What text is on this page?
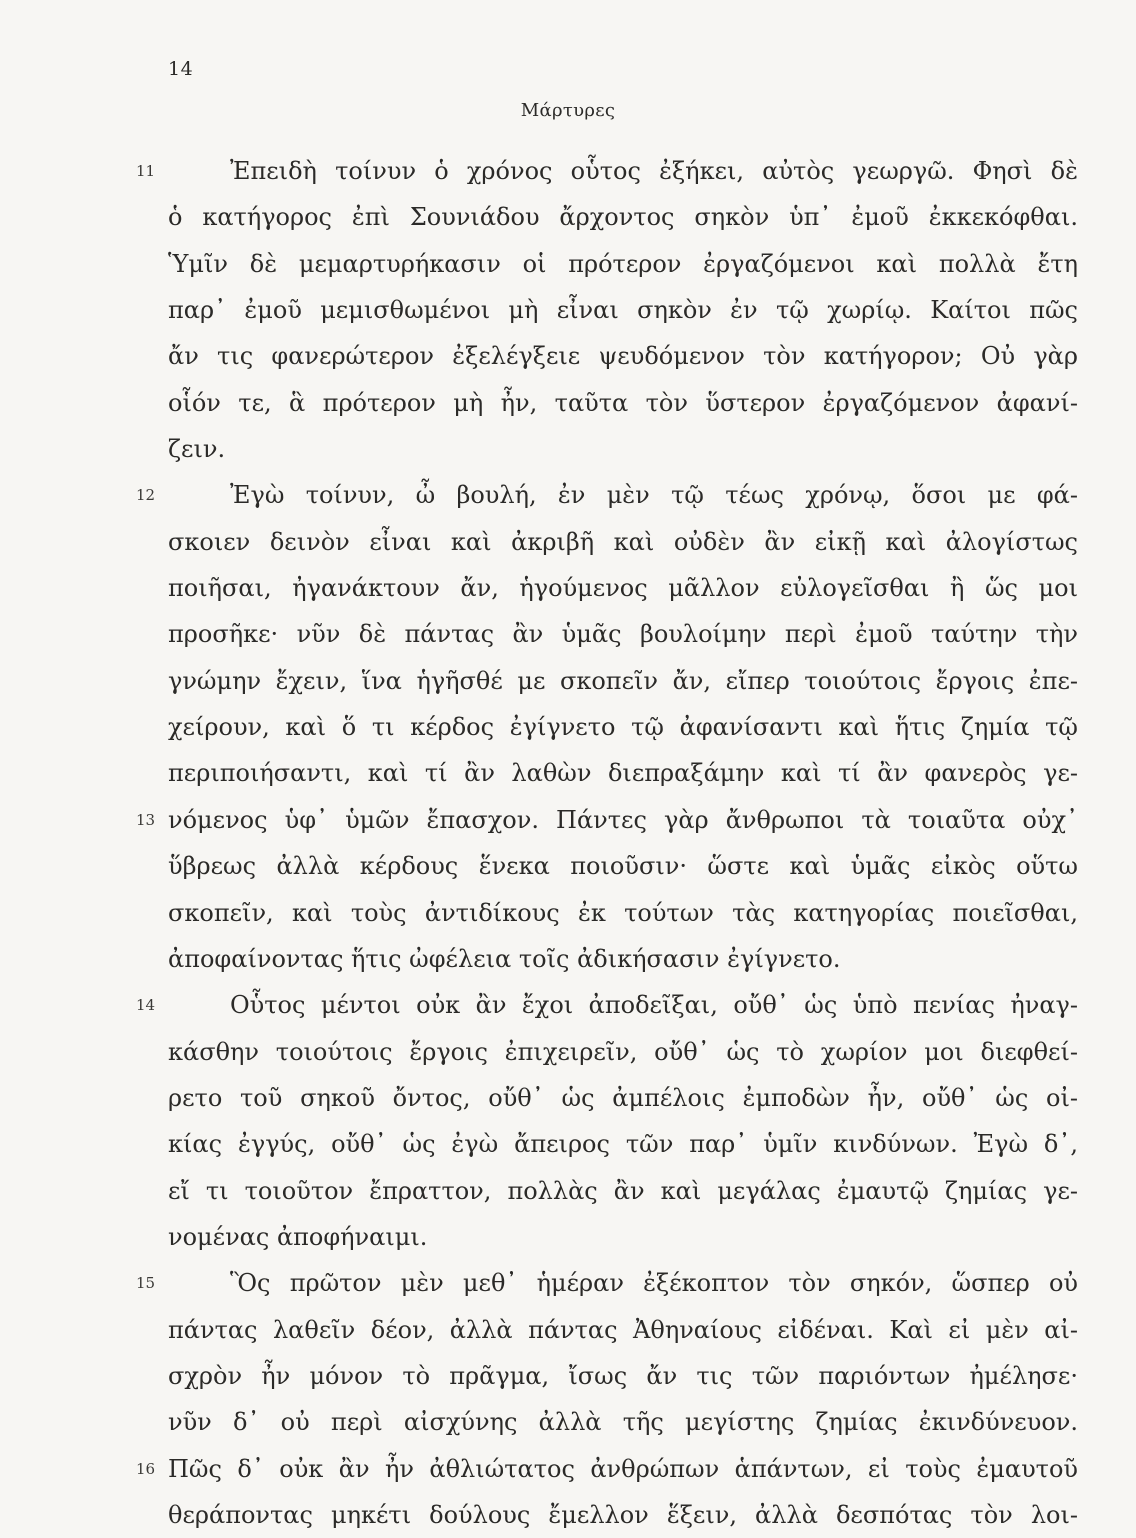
14
Μάρτυρες
11	Ἐπειδὴ τοίνυν ὁ χρόνος οὗτος ἐξήκει, αὐτὸς γεωργῶ. Φησὶ δὲ
ὁ κατήγορος ἐπὶ Σουνιάδου ἄρχοντος σηκὸν ὑπ᾽ ἐμοῦ ἐκκεκόφθαι.
Ὑμῖν δὲ μεμαρτυρήκασιν οἱ πρότερον ἐργαζόμενοι καὶ πολλὰ ἔτη
παρ᾽ ἐμοῦ μεμισθωμένοι μὴ εἶναι σηκὸν ἐν τῷ χωρίῳ. Καίτοι πῶς
ἄν τις φανερώτερον ἐξελέγξειε ψευδόμενον τὸν κατήγορον; Οὐ γὰρ
οἷόν τε, ἃ πρότερον μὴ ἦν, ταῦτα τὸν ὕστερον ἐργαζόμενον ἀφανί-
ζειν.
12	Ἐγὼ τοίνυν, ὦ βουλή, ἐν μὲν τῷ τέως χρόνῳ, ὅσοι με φά-
σκοιεν δεινὸν εἶναι καὶ ἀκριβῆ καὶ οὐδὲν ἂν εἰκῇ καὶ ἀλογίστως
ποιῆσαι, ἠγανάκτουν ἄν, ἡγούμενος μᾶλλον εὐλογεῖσθαι ἢ ὥς μοι
προσῆκε· νῦν δὲ πάντας ἂν ὑμᾶς βουλοίμην περὶ ἐμοῦ ταύτην τὴν
γνώμην ἔχειν, ἵνα ἡγῆσθέ με σκοπεῖν ἄν, εἴπερ τοιούτοις ἔργοις ἐπε-
χείρουν, καὶ ὅ τι κέρδος ἐγίγνετο τῷ ἀφανίσαντι καὶ ἥτις ζημία τῷ
περιποιήσαντι, καὶ τί ἂν λαθὼν διεπραξάμην καὶ τί ἂν φανερὸς γε-
13 νόμενος ὑφ᾽ ὑμῶν ἔπασχον. Πάντες γὰρ ἄνθρωποι τὰ τοιαῦτα οὐχ᾽
ὕβρεως ἀλλὰ κέρδους ἕνεκα ποιοῦσιν· ὥστε καὶ ὑμᾶς εἰκὸς οὕτω
σκοπεῖν, καὶ τοὺς ἀντιδίκους ἐκ τούτων τὰς κατηγορίας ποιεῖσθαι,
ἀποφαίνοντας ἥτις ὠφέλεια τοῖς ἀδικήσασιν ἐγίγνετο.
14	Οὗτος μέντοι οὐκ ἂν ἔχοι ἀποδεῖξαι, οὔθ᾽ ὡς ὑπὸ πενίας ἠναγ-
κάσθην τοιούτοις ἔργοις ἐπιχειρεῖν, οὔθ᾽ ὡς τὸ χωρίον μοι διεφθεί-
ρετο τοῦ σηκοῦ ὄντος, οὔθ᾽ ὡς ἀμπέλοις ἐμποδὼν ἦν, οὔθ᾽ ὡς οἰ-
κίας ἐγγύς, οὔθ᾽ ὡς ἐγὼ ἄπειρος τῶν παρ᾽ ὑμῖν κινδύνων. Ἐγὼ δ᾽,
εἴ τι τοιοῦτον ἔπραττον, πολλὰς ἂν καὶ μεγάλας ἐμαυτῷ ζημίας γε-
νομένας ἀποφήναιμι.
15	Ὃς πρῶτον μὲν μεθ᾽ ἡμέραν ἐξέκοπτον τὸν σηκόν, ὥσπερ οὐ
πάντας λαθεῖν δέον, ἀλλὰ πάντας Ἀθηναίους εἰδέναι. Καὶ εἰ μὲν αἰ-
σχρὸν ἦν μόνον τὸ πρᾶγμα, ἴσως ἄν τις τῶν παριόντων ἠμέλησε·
νῦν δ᾽ οὐ περὶ αἰσχύνης ἀλλὰ τῆς μεγίστης ζημίας ἐκινδύνευον.
16 Πῶς δ᾽ οὐκ ἂν ἦν ἀθλιώτατος ἀνθρώπων ἁπάντων, εἰ τοὺς ἐμαυτοῦ
θεράποντας μηκέτι δούλους ἔμελλον ἕξειν, ἀλλὰ δεσπότας τὸν λοι-
